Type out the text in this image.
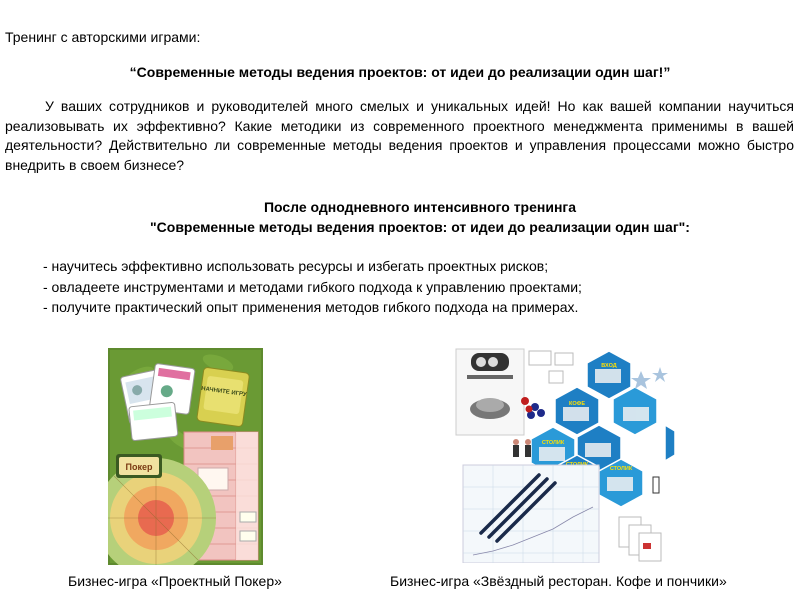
Тренинг с авторскими играми:
“Современные методы ведения проектов: от идеи до реализации один шаг!”

У ваших сотрудников и руководителей много смелых и уникальных идей! Но как вашей компании научиться реализовывать их эффективно? Какие методики из современного проектного менеджмента применимы в вашей деятельности? Действительно ли современные методы ведения проектов и управления процессами можно быстро внедрить в своем бизнесе?

После однодневного интенсивного тренинга
"Современные методы ведения проектов: от идеи до реализации один шаг":
- научитесь эффективно использовать ресурсы и избегать проектных рисков;
- овладеете инструментами и методами гибкого подхода к управлению проектами;
- получите практический опыт применения методов гибкого подхода на примерах.
Покер
НАЧНИТЕ ИГРУ
ВХОД
КОФЕ
СТОЛИК
СТОЛИК
Бизнес-игра «Проектный Покер»	Бизнес-игра «Звёздный ресторан. Кофе и пончики»
